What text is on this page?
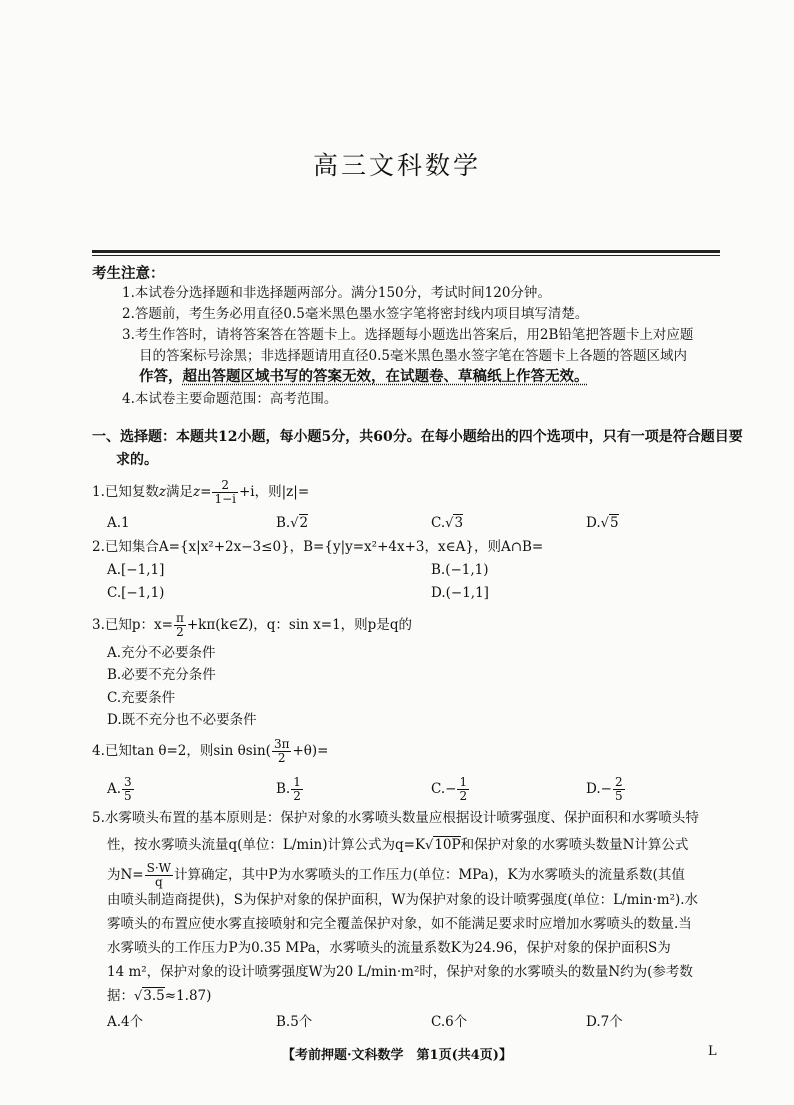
高三文科数学
考生注意：
1.本试卷分选择题和非选择题两部分。满分150分，考试时间120分钟。
2.答题前，考生务必用直径0.5毫米黑色墨水签字笔将密封线内项目填写清楚。
3.考生作答时，请将答案答在答题卡上。选择题每小题选出答案后，用2B铅笔把答题卡上对应题
目的答案标号涂黑；非选择题请用直径0.5毫米黑色墨水签字笔在答题卡上各题的答题区域内
作答，超出答题区域书写的答案无效，在试题卷、草稿纸上作答无效。
4.本试卷主要命题范围：高考范围。
一、选择题：本题共12小题，每小题5分，共60分。在每小题给出的四个选项中，只有一项是符合题目要
求的。
1.已知复数z满足$z= \frac{2}{1-i} +i$，则|z|=
A.1	B.√2	C.√3	D.√5
2.已知集合A={x|x²+2x−3≤0}，B={y|y=x²+4x+3，x∈A}，则A∩B=
A.[−1,1]	B.(−1,1)
C.[−1,1)	D.(−1,1]
3.已知p：$x= \frac{\pi}{2}$ +kπ(k∈Z)，q：sin x=1，则p是q的
A.充分不必要条件
B.必要不充分条件
C.充要条件
D.既不充分也不必要条件
4.已知tan θ=2，则$\sin \theta\sin( \frac{3\pi}{2} +\theta)=$
A. $\frac{3}{5}$	B. $\frac{1}{2}$	$C.- \frac{1}{2}$	$D.- \frac{2}{5}$
5.水雾喷头布置的基本原则是：保护对象的水雾喷头数量应根据设计喷雾强度、保护面积和水雾喷头特
性，按水雾喷头流量q(单位：L/min)计算公式为q=K√10P和保护对象的水雾喷头数量N计算公式
为$N= \frac{S\cdot W}{q}$ 计算确定，其中P为水雾喷头的工作压力(单位：MPa)，K为水雾喷头的流量系数(其值
由喷头制造商提供)，S为保护对象的保护面积，W为保护对象的设计喷雾强度(单位：L/min·m²).水
雾喷头的布置应使水雾直接喷射和完全覆盖保护对象，如不能满足要求时应增加水雾喷头的数量.当
水雾喷头的工作压力P为0.35 MPa，水雾喷头的流量系数K为24.96，保护对象的保护面积S为
14 m²，保护对象的设计喷雾强度W为20 L/min·m²时，保护对象的水雾喷头的数量N约为(参考数
据：√3.5≈1.87)
A.4个	B.5个	C.6个	D.7个
【考前押题·文科数学　第1页(共4页)】	L
